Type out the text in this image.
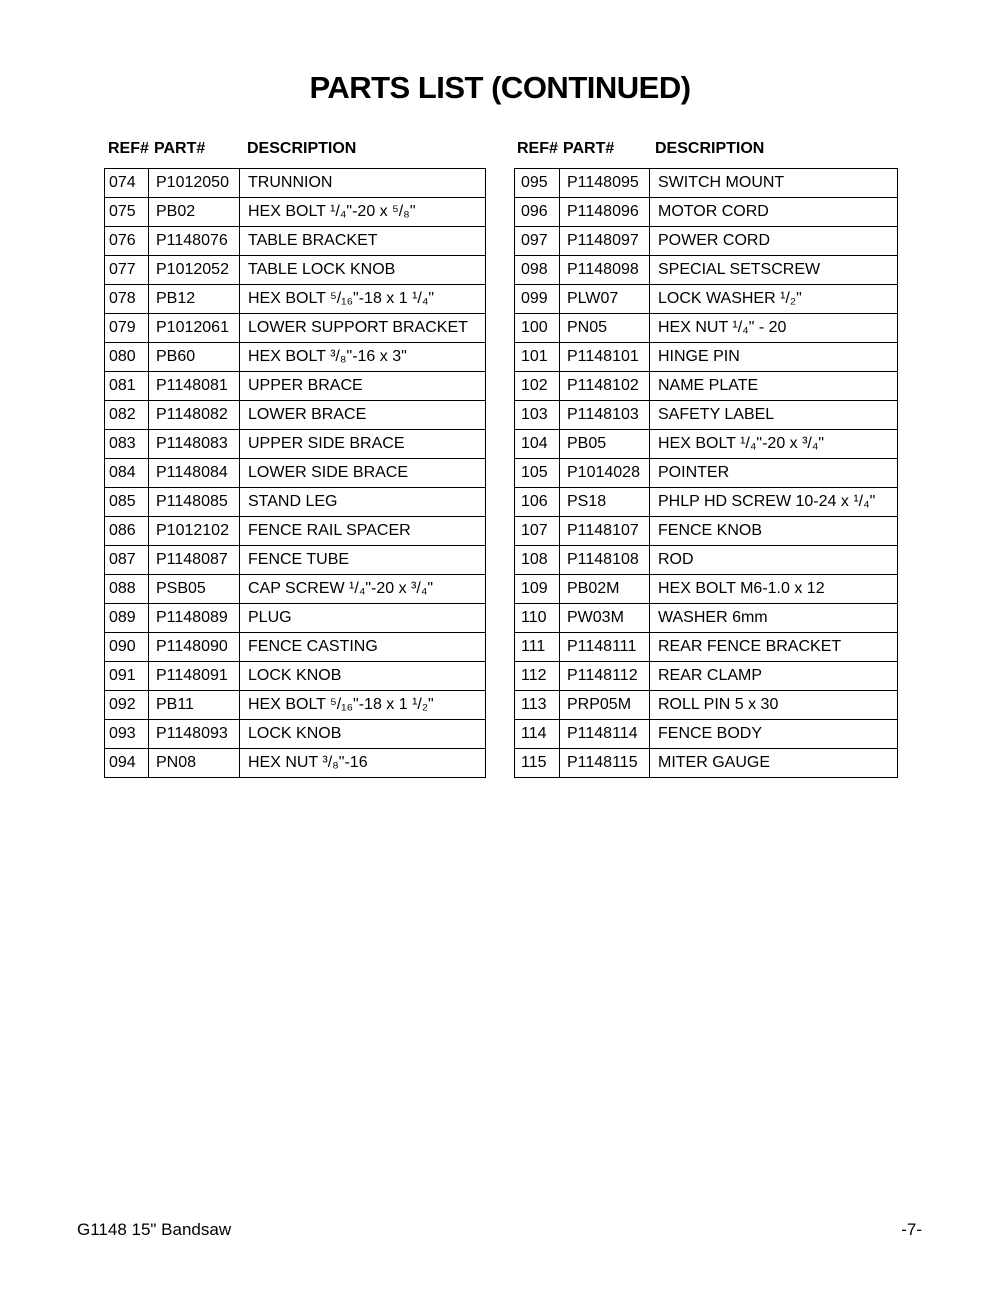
PARTS LIST (CONTINUED)
REF# PART#	DESCRIPTION
074	P1012050	TRUNNION
075	PB02	HEX BOLT ¹/₄"-20 x ⁵/₈"
076	P1148076	TABLE BRACKET
077	P1012052	TABLE LOCK KNOB
078	PB12	HEX BOLT ⁵/₁₆"-18 x 1 ¹/₄"
079	P1012061	LOWER SUPPORT BRACKET
080	PB60	HEX BOLT ³/₈"-16 x 3"
081	P1148081	UPPER BRACE
082	P1148082	LOWER BRACE
083	P1148083	UPPER SIDE BRACE
084	P1148084	LOWER SIDE BRACE
085	P1148085	STAND LEG
086	P1012102	FENCE RAIL SPACER
087	P1148087	FENCE TUBE
088	PSB05	CAP SCREW ¹/₄"-20 x ³/₄"
089	P1148089	PLUG
090	P1148090	FENCE CASTING
091	P1148091	LOCK KNOB
092	PB11	HEX BOLT ⁵/₁₆"-18 x 1 ¹/₂"
093	P1148093	LOCK KNOB
094	PN08	HEX NUT ³/₈"-16
REF# PART#	DESCRIPTION
095	P1148095	SWITCH MOUNT
096	P1148096	MOTOR CORD
097	P1148097	POWER CORD
098	P1148098	SPECIAL SETSCREW
099	PLW07	LOCK WASHER ¹/₂"
100	PN05	HEX NUT ¹/₄" - 20
101	P1148101	HINGE PIN
102	P1148102	NAME PLATE
103	P1148103	SAFETY LABEL
104	PB05	HEX BOLT ¹/₄"-20 x ³/₄"
105	P1014028	POINTER
106	PS18	PHLP HD SCREW 10-24 x ¹/₄"
107	P1148107	FENCE KNOB
108	P1148108	ROD
109	PB02M	HEX BOLT M6-1.0 x 12
110	PW03M	WASHER 6mm
111	P1148111	REAR FENCE BRACKET
112	P1148112	REAR CLAMP
113	PRP05M	ROLL PIN 5 x 30
114	P1148114	FENCE BODY
115	P1148115	MITER GAUGE
G1148 15" Bandsaw	-7-
